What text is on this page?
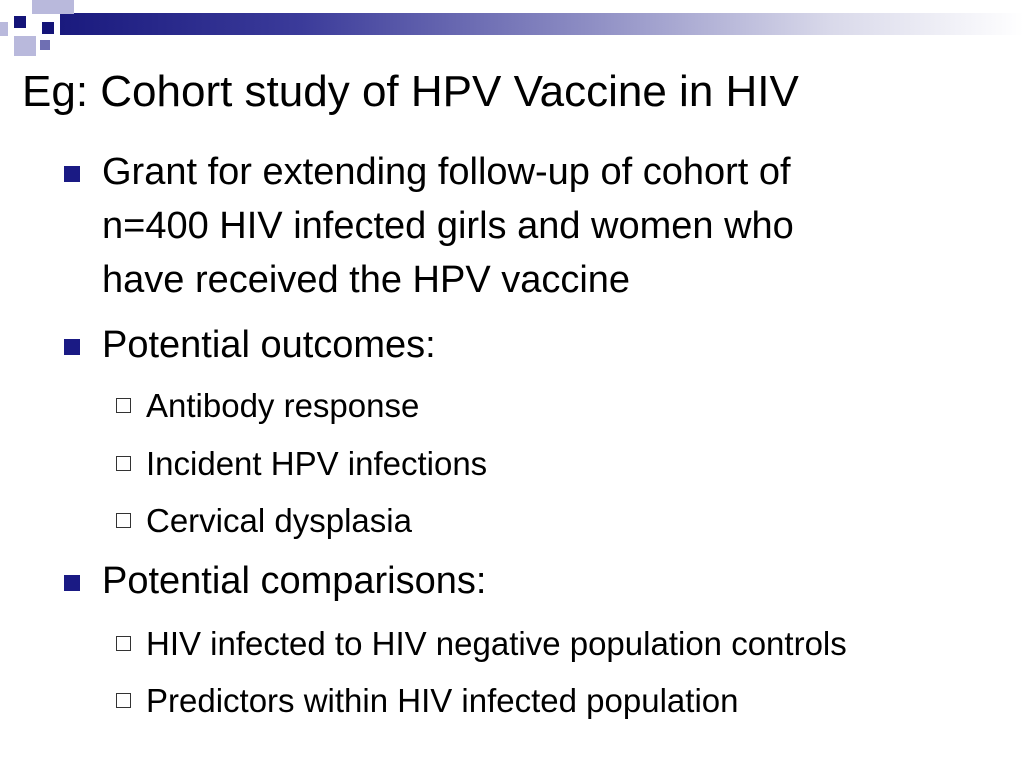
Eg: Cohort study of HPV Vaccine in HIV
Grant for extending follow-up of cohort of
n=400 HIV infected girls and women who
have received the HPV vaccine
Potential outcomes:
Antibody response
Incident HPV infections
Cervical dysplasia
Potential comparisons:
HIV infected to HIV negative population controls
Predictors within HIV infected population
